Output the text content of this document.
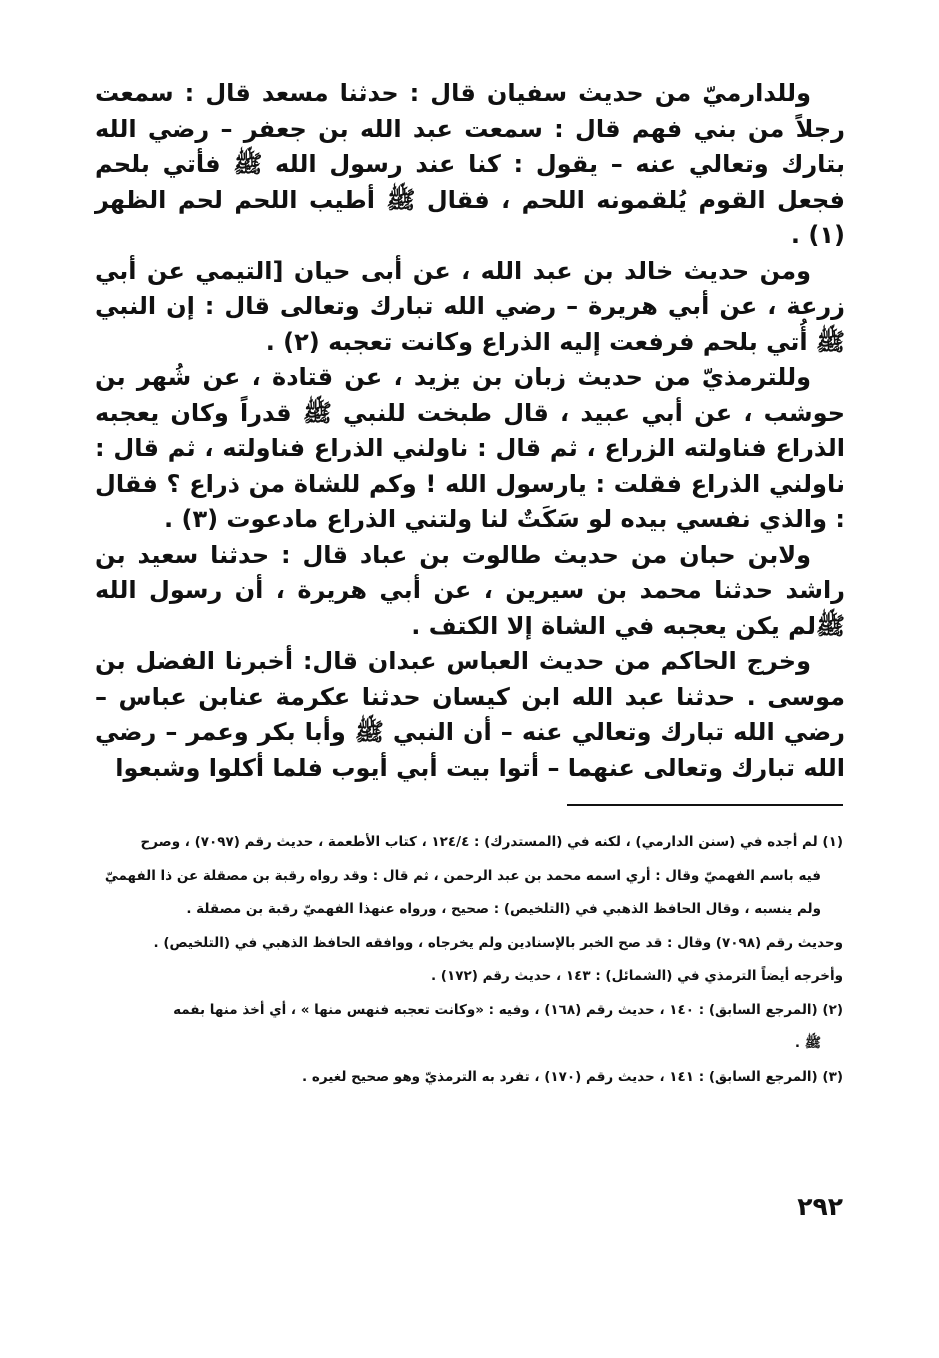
وللدارميّ من حديث سفيان قال : حدثنا مسعد قال : سمعت رجلاً من بني فهم قال : سمعت عبد الله بن جعفر – رضي الله بتارك وتعالي عنه – يقول : كنا عند رسول الله ﷺ فأتي بلحم فجعل القوم يُلقمونه اللحم ، فقال ﷺ أطيب اللحم لحم الظهر (١) .

ومن حديث خالد بن عبد الله ، عن أبى حيان [التيمي عن أبي زرعة ، عن أبي هريرة – رضي الله تبارك وتعالى قال : إن النبي ﷺ أُتي بلحم فرفعت إليه الذراع وكانت تعجبه (٢) .

وللترمذيّ من حديث زبان بن يزيد ، عن قتادة ، عن شُهر بن حوشب ، عن أبي عبيد ، قال طبخت للنبي ﷺ قدراً وكان يعجبه الذراع فناولته الزراع ، ثم قال : ناولني الذراع فناولته ، ثم قال : ناولني الذراع فقلت : يارسول الله ! وكم للشاة من ذراع ؟ فقال : والذي نفسي بيده لو سَكَتٌ لنا ولتني الذراع مادعوت (٣) .

ولابن حبان من حديث طالوت بن عباد قال : حدثنا سعيد بن راشد حدثنا محمد بن سيرين ، عن أبي هريرة ، أن رسول الله ﷺلم يكن يعجبه في الشاة إلا الكتف .

وخرج الحاكم من حديث العباس عبدان قال: أخبرنا الفضل بن موسى . حدثنا عبد الله ابن كيسان حدثنا عكرمة عنابن عباس –رضي الله تبارك وتعالي عنه – أن النبي ﷺ وأبا بكر وعمر – رضي الله تبارك وتعالى عنهما – أتوا بيت أبي أيوب فلما أكلوا وشبعوا

(١) لم أجده في (سنن الدارمي) ، لكنه في (المستدرك) : ١٢٤/٤ ، كتاب الأطعمة ، حديث رقم (٧٠٩٧) ، وصرح
فيه باسم الفهميّ وقال : أري اسمه محمد بن عبد الرحمن ، ثم قال : وقد رواه رقبة بن مصقلة عن ذا الفهميّ
ولم ينسبه ، وقال الحافظ الذهبي في (التلخيص) : صحيح ، ورواه عنهذا الفهميّ رقبة بن مصقلة .
وحديث رقم (٧٠٩٨) وقال : قد صح الخبر بالإسنادين ولم يخرجاه ، ووافقه الحافظ الذهبي في (التلخيص) .
وأخرجه أيضاً الترمذي في (الشمائل) : ١٤٣ ، حديث رقم (١٧٢) .
(٢) (المرجع السابق) : ١٤٠ ، حديث رقم (١٦٨) ، وفيه : «وكانت تعجبه فنهس منها » ، أي أخذ منها بفمه
ﷺ .
(٣) (المرجع السابق) : ١٤١ ، حديث رقم (١٧٠) ، تفرد به الترمذيّ وهو صحيح لغيره .
٢٩٢
